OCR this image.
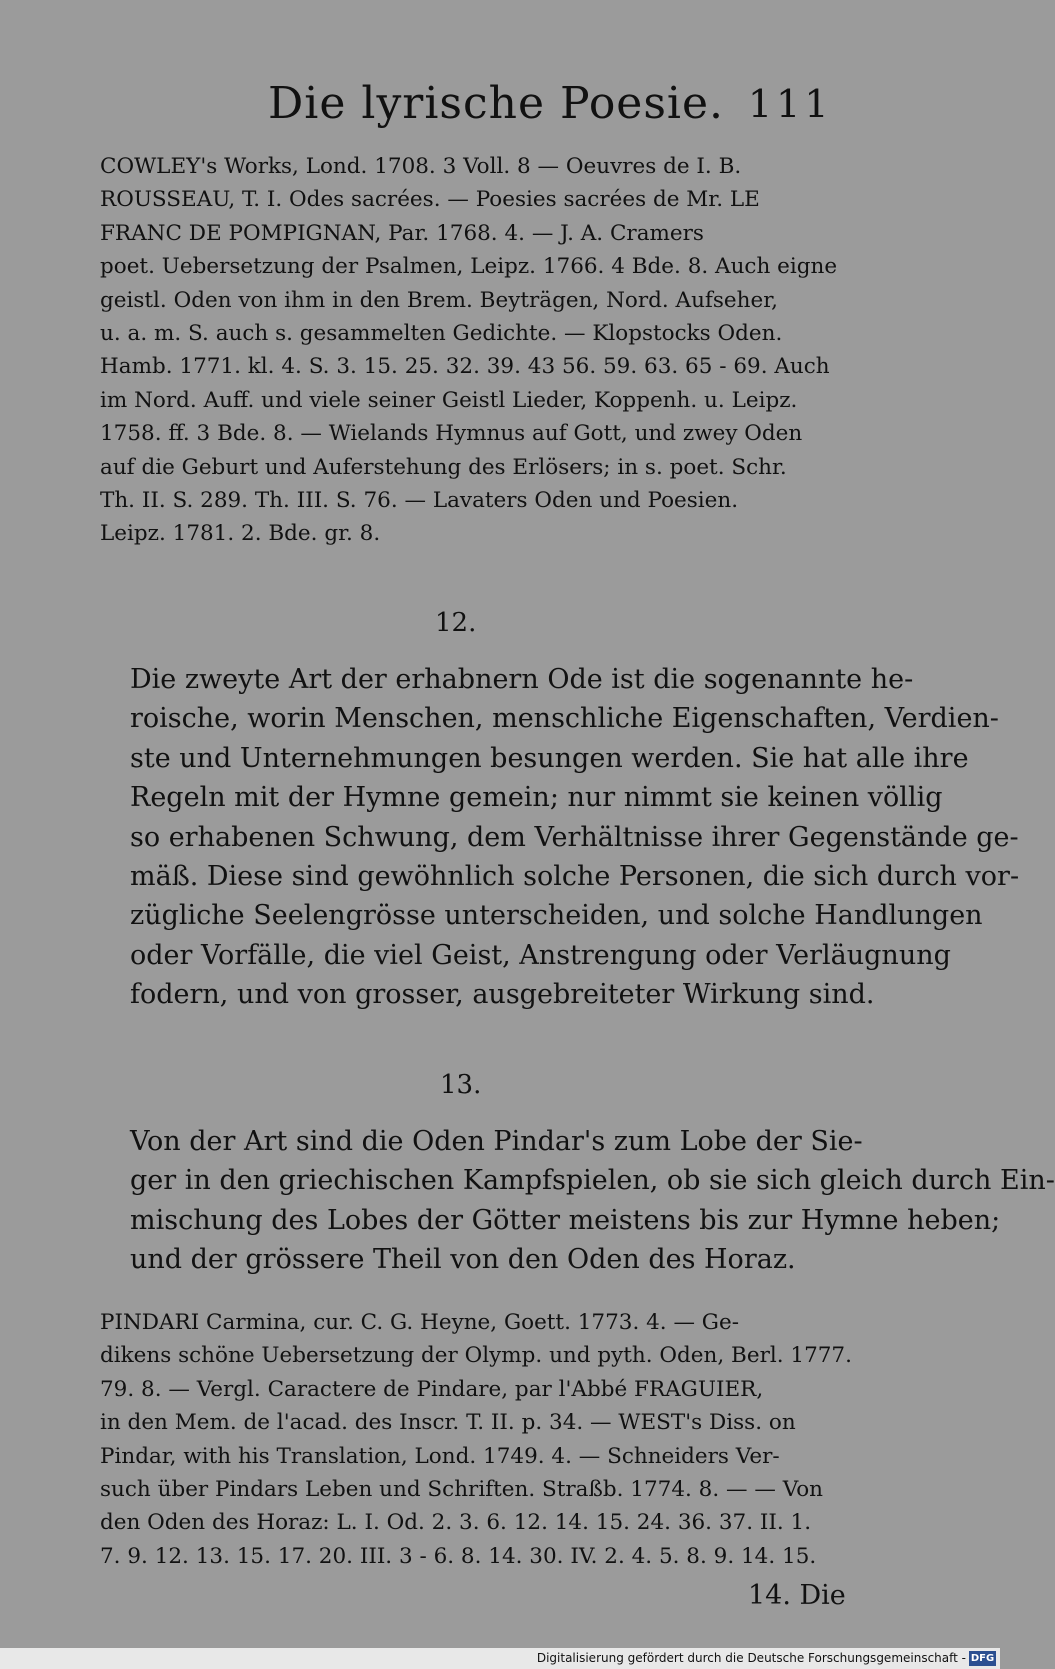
Die lyrische Poesie. 111
COWLEY's Works, Lond. 1708. 3 Voll. 8 — Oeuvres de I. B.
ROUSSEAU, T. I. Odes sacrées. — Poesies sacrées de Mr. LE
FRANC DE POMPIGNAN, Par. 1768. 4. — J. A. Cramers
poet. Uebersetzung der Psalmen, Leipz. 1766. 4 Bde. 8. Auch eigne
geistl. Oden von ihm in den Brem. Beyträgen, Nord. Aufseher,
u. a. m. S. auch s. gesammelten Gedichte. — Klopstocks Oden.
Hamb. 1771. kl. 4. S. 3. 15. 25. 32. 39. 43 56. 59. 63. 65 - 69. Auch
im Nord. Auff. und viele seiner Geistl Lieder, Koppenh. u. Leipz.
1758. ff. 3 Bde. 8. — Wielands Hymnus auf Gott, und zwey Oden
auf die Geburt und Auferstehung des Erlösers; in s. poet. Schr.
Th. II. S. 289. Th. III. S. 76. — Lavaters Oden und Poesien.
Leipz. 1781. 2. Bde. gr. 8.
12.
Die zweyte Art der erhabnern Ode ist die sogenannte he-
roische, worin Menschen, menschliche Eigenschaften, Verdien-
ste und Unternehmungen besungen werden. Sie hat alle ihre
Regeln mit der Hymne gemein; nur nimmt sie keinen völlig
so erhabenen Schwung, dem Verhältnisse ihrer Gegenstände ge-
mäß. Diese sind gewöhnlich solche Personen, die sich durch vor-
zügliche Seelengrösse unterscheiden, und solche Handlungen
oder Vorfälle, die viel Geist, Anstrengung oder Verläugnung
fodern, und von grosser, ausgebreiteter Wirkung sind.
13.
Von der Art sind die Oden Pindar's zum Lobe der Sie-
ger in den griechischen Kampfspielen, ob sie sich gleich durch Ein-
mischung des Lobes der Götter meistens bis zur Hymne heben;
und der grössere Theil von den Oden des Horaz.
PINDARI Carmina, cur. C. G. Heyne, Goett. 1773. 4. — Ge-
dikens schöne Uebersetzung der Olymp. und pyth. Oden, Berl. 1777.
79. 8. — Vergl. Caractere de Pindare, par l'Abbé FRAGUIER,
in den Mem. de l'acad. des Inscr. T. II. p. 34. — WEST's Diss. on
Pindar, with his Translation, Lond. 1749. 4. — Schneiders Ver-
such über Pindars Leben und Schriften. Straßb. 1774. 8. — — Von
den Oden des Horaz: L. I. Od. 2. 3. 6. 12. 14. 15. 24. 36. 37. II. 1.
7. 9. 12. 13. 15. 17. 20. III. 3 - 6. 8. 14. 30. IV. 2. 4. 5. 8. 9. 14. 15.
14. Die
Digitalisierung gefördert durch die Deutsche Forschungsgemeinschaft - DFG
